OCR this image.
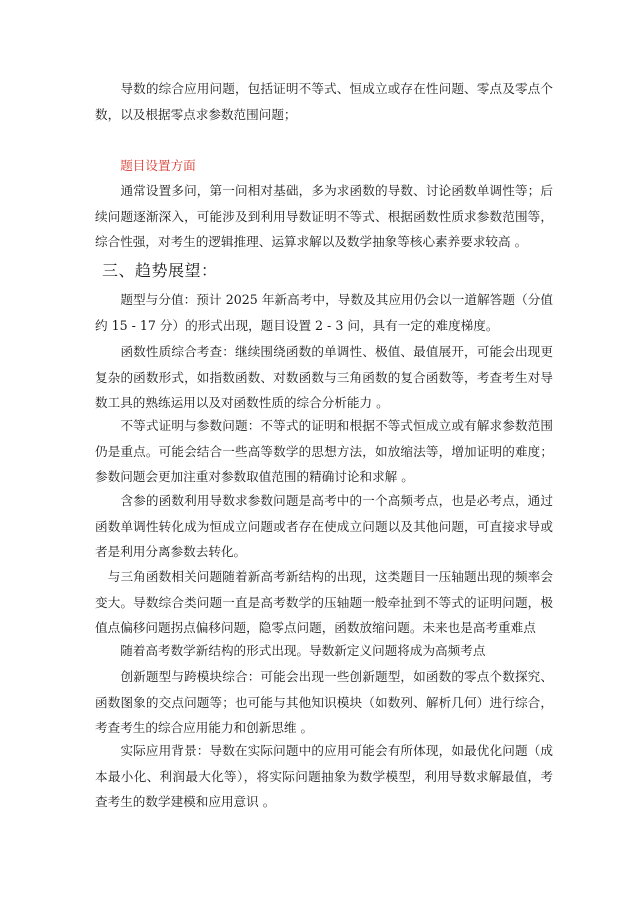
　　导数的综合应用问题，包括证明不等式、恒成立或存在性问题、零点及零点个数，以及根据零点求参数范围问题；

　　题目设置方面

　　通常设置多问，第一问相对基础，多为求函数的导数、讨论函数单调性等；后续问题逐渐深入，可能涉及到利用导数证明不等式、根据函数性质求参数范围等，综合性强，对考生的逻辑推理、运算求解以及数学抽象等核心素养要求较高 。

三、趋势展望：

　　题型与分值：预计 2025 年新高考中，导数及其应用仍会以一道解答题（分值约 15 - 17 分）的形式出现，题目设置 2 - 3 问，具有一定的难度梯度。

　　函数性质综合考查：继续围绕函数的单调性、极值、最值展开，可能会出现更复杂的函数形式，如指数函数、对数函数与三角函数的复合函数等，考查考生对导数工具的熟练运用以及对函数性质的综合分析能力 。

　　不等式证明与参数问题：不等式的证明和根据不等式恒成立或有解求参数范围仍是重点。可能会结合一些高等数学的思想方法，如放缩法等，增加证明的难度；参数问题会更加注重对参数取值范围的精确讨论和求解 。

　　含参的函数利用导数求参数问题是高考中的一个高频考点，也是必考点，通过函数单调性转化成为恒成立问题或者存在使成立问题以及其他问题，可直接求导或者是利用分离参数去转化。

　与三角函数相关问题随着新高考新结构的出现，这类题目一压轴题出现的频率会变大。导数综合类问题一直是高考数学的压轴题一般牵扯到不等式的证明问题，极值点偏移问题拐点偏移问题，隐零点问题，函数放缩问题。未来也是高考重难点

　　随着高考数学新结构的形式出现。导数新定义问题将成为高频考点

　　创新题型与跨模块综合：可能会出现一些创新题型，如函数的零点个数探究、函数图象的交点问题等；也可能与其他知识模块（如数列、解析几何）进行综合，考查考生的综合应用能力和创新思维 。

　　实际应用背景：导数在实际问题中的应用可能会有所体现，如最优化问题（成本最小化、利润最大化等），将实际问题抽象为数学模型，利用导数求解最值，考查考生的数学建模和应用意识 。
